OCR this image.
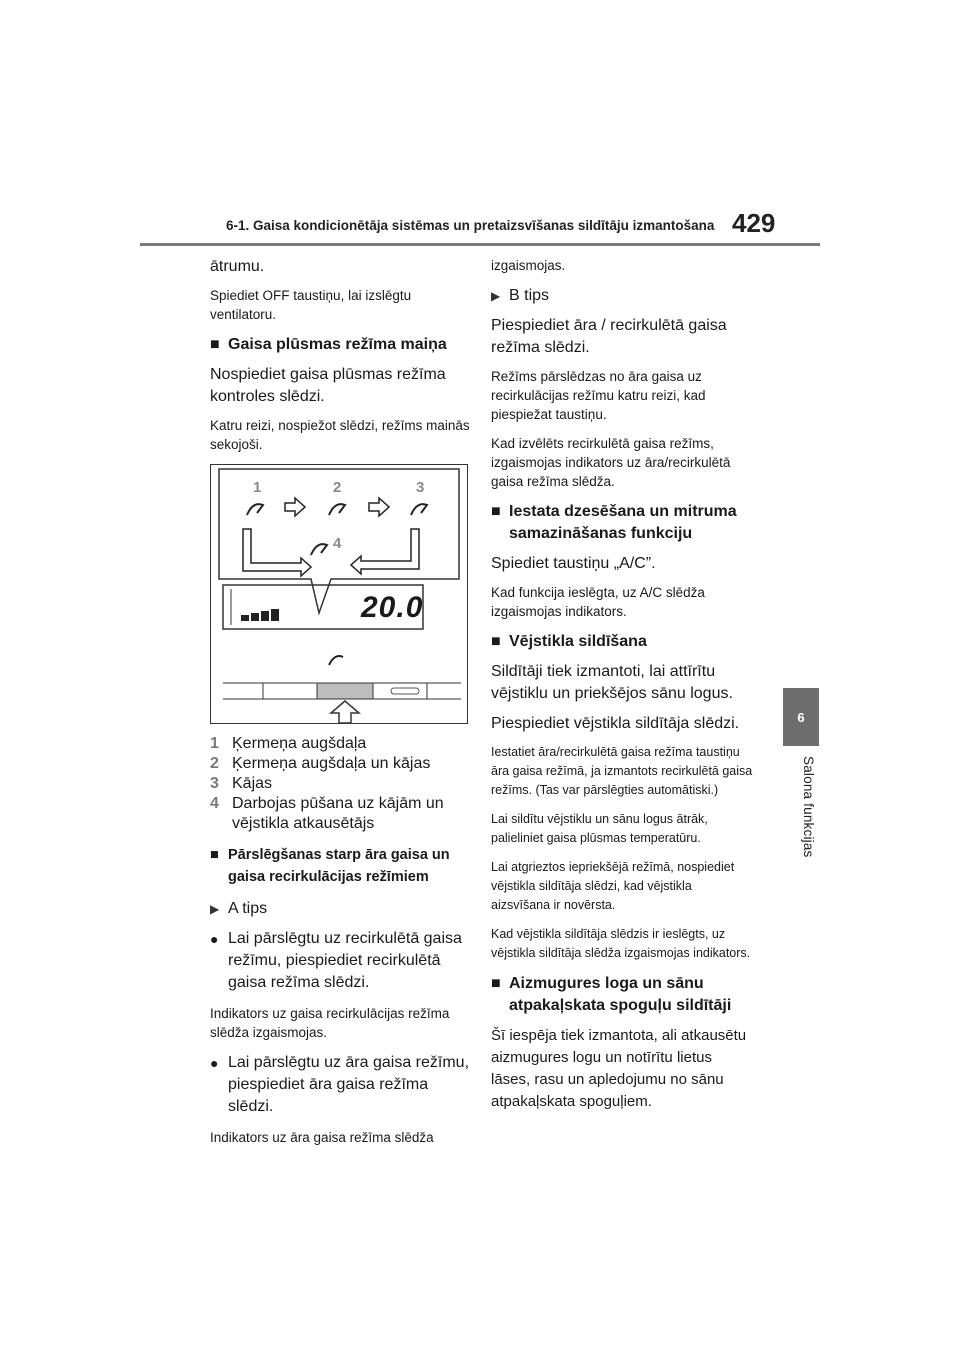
6-1. Gaisa kondicionētāja sistēmas un pretaizsvīšanas sildītāju izmantošana 429
6
Salona funkcijas

ātrumu.

Spiediet OFF taustiņu, lai izslēgtu ventilatoru.

■ Gaisa plūsmas režīma maiņa

Nospiediet gaisa plūsmas režīma kontroles slēdzi.

Katru reizi, nospiežot slēdzi, režīms mainās sekojoši.

1	2	3
4
20.0
1 Ķermeņa augšdaļa
2 Ķermeņa augšdaļa un kājas
3 Kājas
4 Darbojas pūšana uz kājām un vējstikla atkausētājs
■ Pārslēgšanas starp āra gaisa un gaisa recirkulācijas režīmiem
▶ A tips
● Lai pārslēgtu uz recirkulētā gaisa režīmu, piespiediet recirkulētā gaisa režīma slēdzi.

Indikators uz gaisa recirkulācijas režīma slēdža izgaismojas.

● Lai pārslēgtu uz āra gaisa režīmu, piespiediet āra gaisa režīma slēdzi.

Indikators uz āra gaisa režīma slēdža

izgaismojas.

▶ B tips

Piespiediet āra / recirkulētā gaisa režīma slēdzi.

Režīms pārslēdzas no āra gaisa uz recirkulācijas režīmu katru reizi, kad piespiežat taustiņu.

Kad izvēlēts recirkulētā gaisa režīms, izgaismojas indikators uz āra/recirkulētā gaisa režīma slēdža.

■ Iestata dzesēšana un mitruma samazināšanas funkciju

Spiediet taustiņu „A/C”.

Kad funkcija ieslēgta, uz A/C slēdža izgaismojas indikators.

■ Vējstikla sildīšana

Sildītāji tiek izmantoti, lai attīrītu vējstiklu un priekšējos sānu logus.

Piespiediet vējstikla sildītāja slēdzi.

Iestatiet āra/recirkulētā gaisa režīma taustiņu āra gaisa režīmā, ja izmantots recirkulētā gaisa režīms. (Tas var pārslēgties automātiski.)

Lai sildītu vējstiklu un sānu logus ātrāk, palieliniet gaisa plūsmas temperatūru.

Lai atgrieztos iepriekšējā režīmā, nospiediet vējstikla sildītāja slēdzi, kad vējstikla aizsvīšana ir novērsta.

Kad vējstikla sildītāja slēdzis ir ieslēgts, uz vējstikla sildītāja slēdža izgaismojas indikators.

■ Aizmugures loga un sānu atpakaļskata spoguļu sildītāji

Šī iespēja tiek izmantota, ali atkausētu aizmugures logu un notīrītu lietus lāses, rasu un apledojumu no sānu atpakaļskata spoguļiem.
